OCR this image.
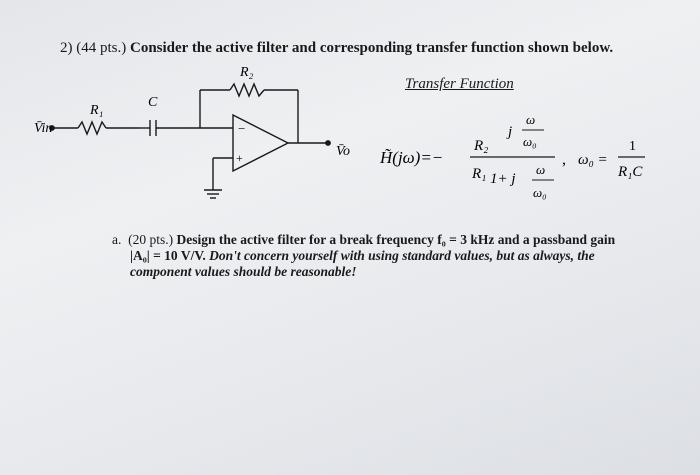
2) (44 pts.) Consider the active filter and corresponding transfer function shown below.
Transfer Function
R₂
R₁
C
V̄in
V̄o
−
+	H̃(jω)=−
R₂
R₁
j
ω
ω₀
1+ j
ω
ω₀
, ω₀ =
1
R₁C
a. (20 pts.) Design the active filter for a break frequency f₀ = 3 kHz and a passband gain
|A₀| = 10 V/V. Don't concern yourself with using standard values, but as always, the
component values should be reasonable!
